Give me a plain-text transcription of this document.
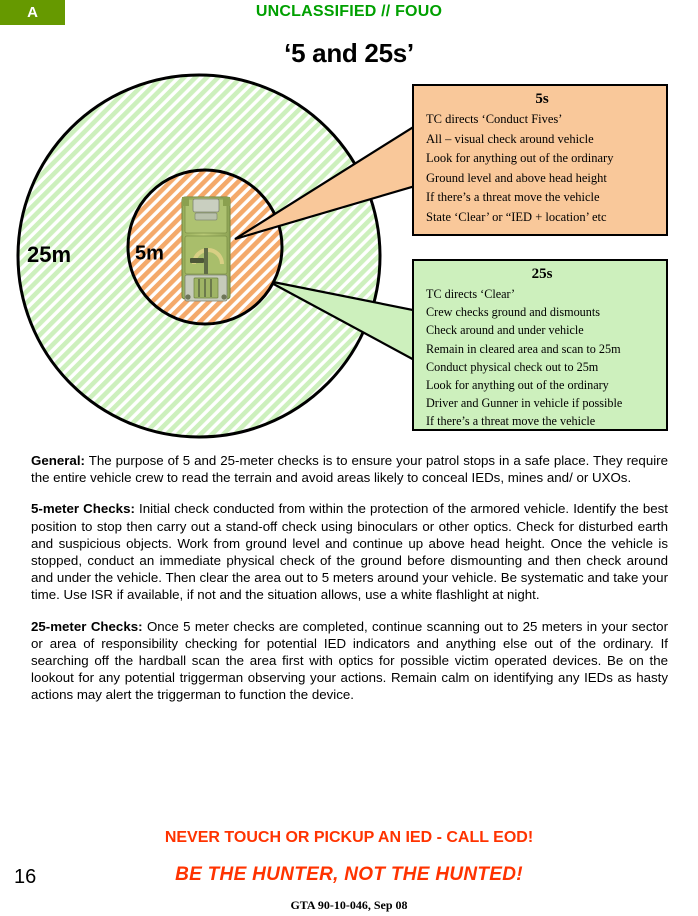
A	UNCLASSIFIED // FOUO
‘5 and 25s’
25m	5m
5s
TC directs ‘Conduct Fives’
All – visual check around vehicle
Look for anything out of the ordinary
Ground level and above head height
If there’s a threat move the vehicle
State ‘Clear’ or “IED + location’ etc
25s
TC directs ‘Clear’
Crew checks ground and dismounts
Check around and under vehicle
Remain in cleared area and scan to 25m
Conduct physical check out to 25m
Look for anything out of the ordinary
Driver and Gunner in vehicle if possible
If there’s a threat move the vehicle

General: The purpose of 5 and 25-meter checks is to ensure your patrol stops in a safe place. They require the entire vehicle crew to read the terrain and avoid areas likely to conceal IEDs, mines and/ or UXOs.

5-meter Checks: Initial check conducted from within the protection of the armored vehicle. Identify the best position to stop then carry out a stand-off check using binoculars or other optics. Check for disturbed earth and suspicious objects. Work from ground level and continue up above head height. Once the vehicle is stopped, conduct an immediate physical check of the ground before dismounting and then check around and under the vehicle. Then clear the area out to 5 meters around your vehicle. Be systematic and take your time. Use ISR if available, if not and the situation allows, use a white flashlight at night.

25-meter Checks: Once 5 meter checks are completed, continue scanning out to 25 meters in your sector or area of responsibility checking for potential IED indicators and anything else out of the ordinary. If searching off the hardball scan the area first with optics for possible victim operated devices. Be on the lookout for any potential triggerman observing your actions. Remain calm on identifying any IEDs as hasty actions may alert the triggerman to function the device.

NEVER TOUCH OR PICKUP AN IED - CALL EOD!
BE THE HUNTER, NOT THE HUNTED!
16
GTA 90-10-046, Sep 08
